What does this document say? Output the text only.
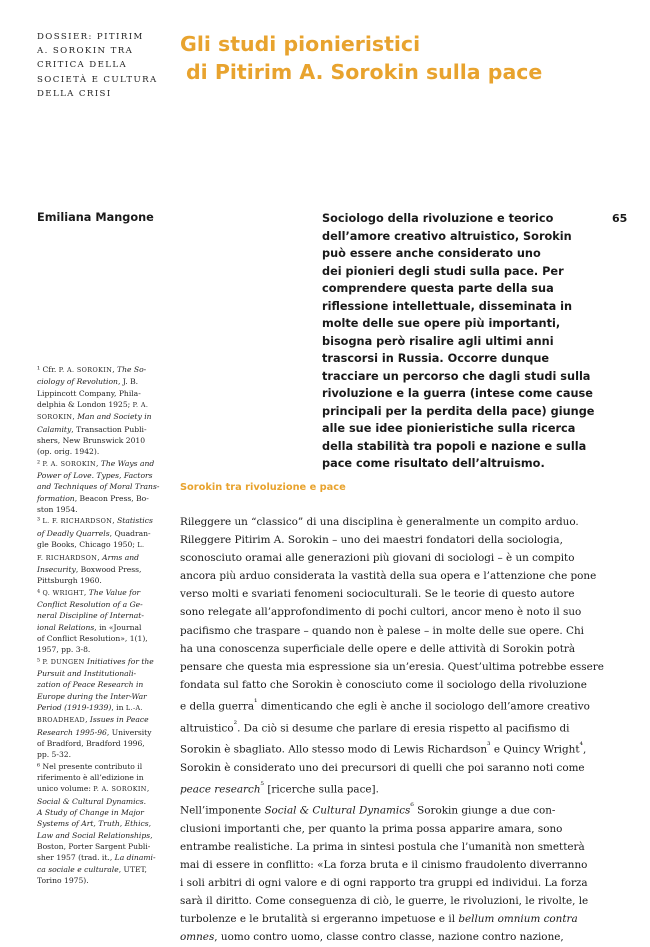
DOSSIER: PITIRIM
A. SOROKIN TRA
CRITICA DELLA
SOCIETÀ E CULTURA
DELLA CRISI
Gli studi pionieristici
di Pitirim A. Sorokin sulla pace
Emiliana Mangone	65
Sociologo della rivoluzione e teorico
dell’amore creativo altruistico, Sorokin
può essere anche considerato uno
dei pionieri degli studi sulla pace. Per
comprendere questa parte della sua
riflessione intellettuale, disseminata in
molte delle sue opere più importanti,
bisogna però risalire agli ultimi anni
trascorsi in Russia. Occorre dunque
tracciare un percorso che dagli studi sulla
rivoluzione e la guerra (intese come cause
principali per la perdita della pace) giunge
alle sue idee pionieristiche sulla ricerca
della stabilità tra popoli e nazione e sulla
pace come risultato dell’altruismo.
¹ Cfr. P. A. SOROKIN, The So-
ciology of Revolution, J. B.
Lippincott Company, Phila-
delphia & London 1925; P. A.
SOROKIN, Man and Society in
Calamity, Transaction Publi-
shers, New Brunswick 2010
(op. orig. 1942).
² P. A. SOROKIN, The Ways and
Power of Love. Types, Factors
and Techniques of Moral Trans-
formation, Beacon Press, Bo-
ston 1954.
³ L. F. RICHARDSON, Statistics
of Deadly Quarrels, Quadran-
gle Books, Chicago 1950; L.
F. RICHARDSON, Arms and
Insecurity, Boxwood Press,
Pittsburgh 1960.
⁴ Q. WRIGHT, The Value for
Conflict Resolution of a Ge-
neral Discipline of Internat-
ional Relations, in «Journal
of Conflict Resolution», 1(1),
1957, pp. 3-8.
⁵ P. DUNGEN Initiatives for the
Pursuit and Institutionali-
zation of Peace Research in
Europe during the Inter-War
Period (1919-1939), in L.-A.
BROADHEAD, Issues in Peace
Research 1995-96, University
of Bradford, Bradford 1996,
pp. 5-32.
⁶ Nel presente contributo il
riferimento è all’edizione in
unico volume: P. A. SOROKIN,
Social & Cultural Dynamics.
A Study of Change in Major
Systems of Art, Truth, Ethics,
Law and Social Relationships,
Boston, Porter Sargent Publi-
sher 1957 (trad. it., La dinami-
ca sociale e culturale, UTET,
Torino 1975).
Sorokin tra rivoluzione e pace
Rileggere un “classico” di una disciplina è generalmente un compito arduo.
Rileggere Pitirim A. Sorokin – uno dei maestri fondatori della sociologia,
sconosciuto oramai alle generazioni più giovani di sociologi – è un compito
ancora più arduo considerata la vastità della sua opera e l’attenzione che pone
verso molti e svariati fenomeni socioculturali. Se le teorie di questo autore
sono relegate all’approfondimento di pochi cultori, ancor meno è noto il suo
pacifismo che traspare – quando non è palese – in molte delle sue opere. Chi
ha una conoscenza superficiale delle opere e delle attività di Sorokin potrà
pensare che questa mia espressione sia un’eresia. Quest’ultima potrebbe essere
fondata sul fatto che Sorokin è conosciuto come il sociologo della rivoluzione
e della guerra$^{^1}$ dimenticando che egli è anche il sociologo dell’amore creativo
altruistico$^{^2}$. Da ciò si desume che parlare di eresia rispetto al pacifismo di
Sorokin è sbagliato. Allo stesso modo di Lewis Richardson$^{^3}$ e Quincy Wright$^{^4}$,
Sorokin è considerato uno dei precursori di quelli che poi saranno noti come
peace research$^{^5}$ [ricerche sulla pace].
Nell’imponente Social & Cultural Dynamics$^{^6}$ Sorokin giunge a due con-
clusioni importanti che, per quanto la prima possa apparire amara, sono
entrambe realistiche. La prima in sintesi postula che l’umanità non smetterà
mai di essere in conflitto: «La forza bruta e il cinismo fraudolento diverranno
i soli arbitri di ogni valore e di ogni rapporto tra gruppi ed individui. La forza
sarà il diritto. Come conseguenza di ciò, le guerre, le rivoluzioni, le rivolte, le
turbolenze e le brutalità si ergeranno impetuose e il bellum omnium contra
omnes, uomo contro uomo, classe contro classe, nazione contro nazione,
